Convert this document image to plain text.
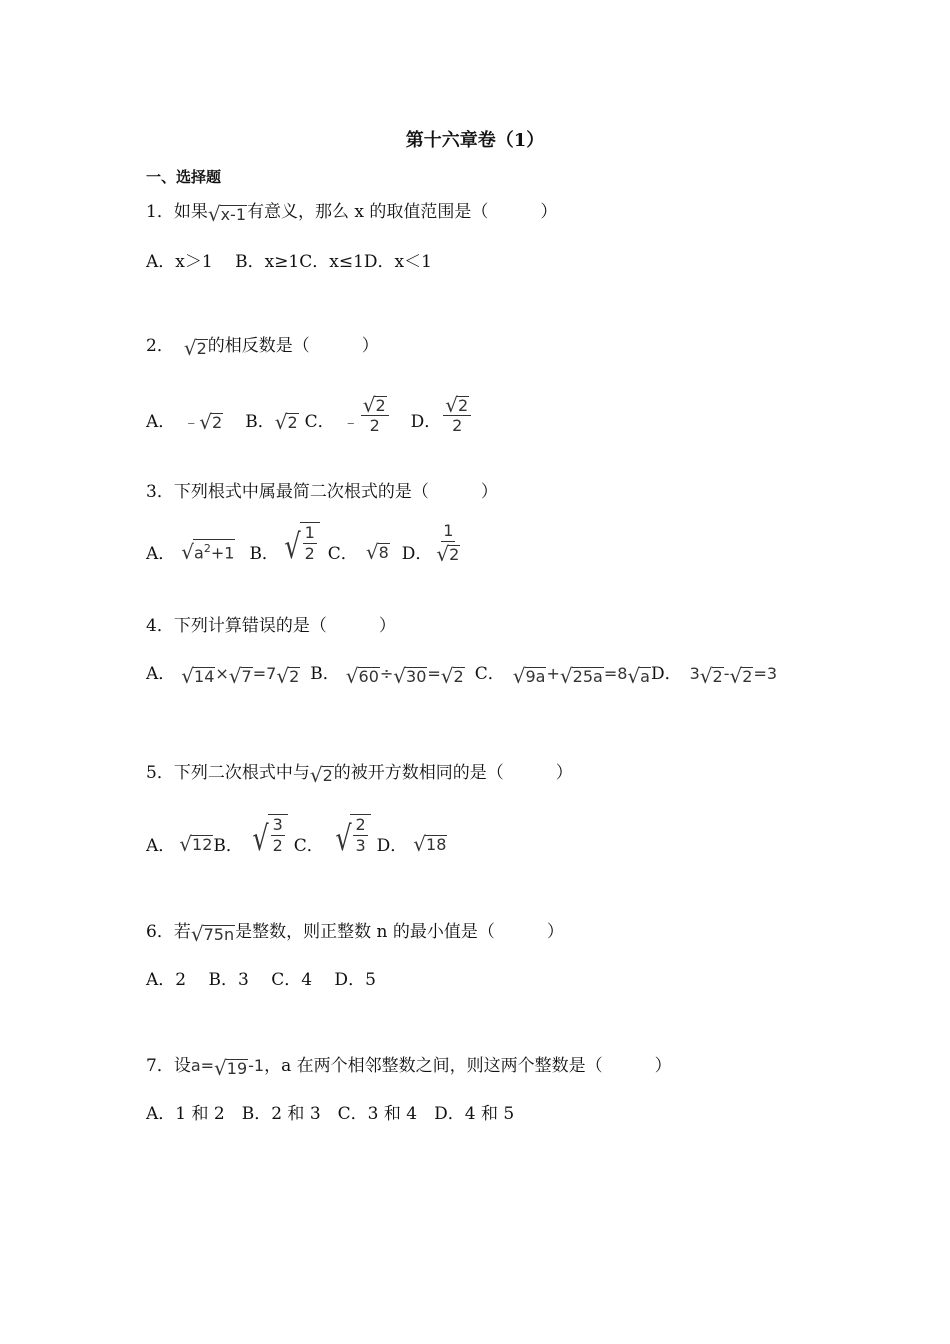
第十六章卷（1）
一、选择题
1．如果 √ x-1 有意义，那么 x 的取值范围是（	）
A．x＞1　 B．x≥1C．x≤1D．x＜1
2． √ 2 的相反数是（	）
A． ﹣ √ 2 B． √ 2 C． ﹣ $\frac{√ 2}{2}$ D． $\frac{√ 2}{2}$
3．下列根式中属最简二次根式的是（	）
A． √ $a^2+1$ B． √ $\frac{1}{2}$ C． √ 8 D． $\frac{1}{√ 2}$
4．下列计算错误的是（	）
A． √ 14 × √ 7 =7 √ 2 B． √ 60 ÷ √ 30 = √ 2 C． √ 9a + √ 25a =8 √ a D． 3 √ 2 - √ 2 =3
5．下列二次根式中与 √ 2 的被开方数相同的是（	）
A． √ 12 B． √ $\frac{3}{2}$ C． √ $\frac{2}{3}$ D． √ 18
6．若 √ 75n 是整数，则正整数 n 的最小值是（	）
A．2　 B．3　 C．4　 D．5
7．设a= √ 19 -1，a 在两个相邻整数之间，则这两个整数是（	）
A．1 和 2　B．2 和 3　C．3 和 4　D．4 和 5
